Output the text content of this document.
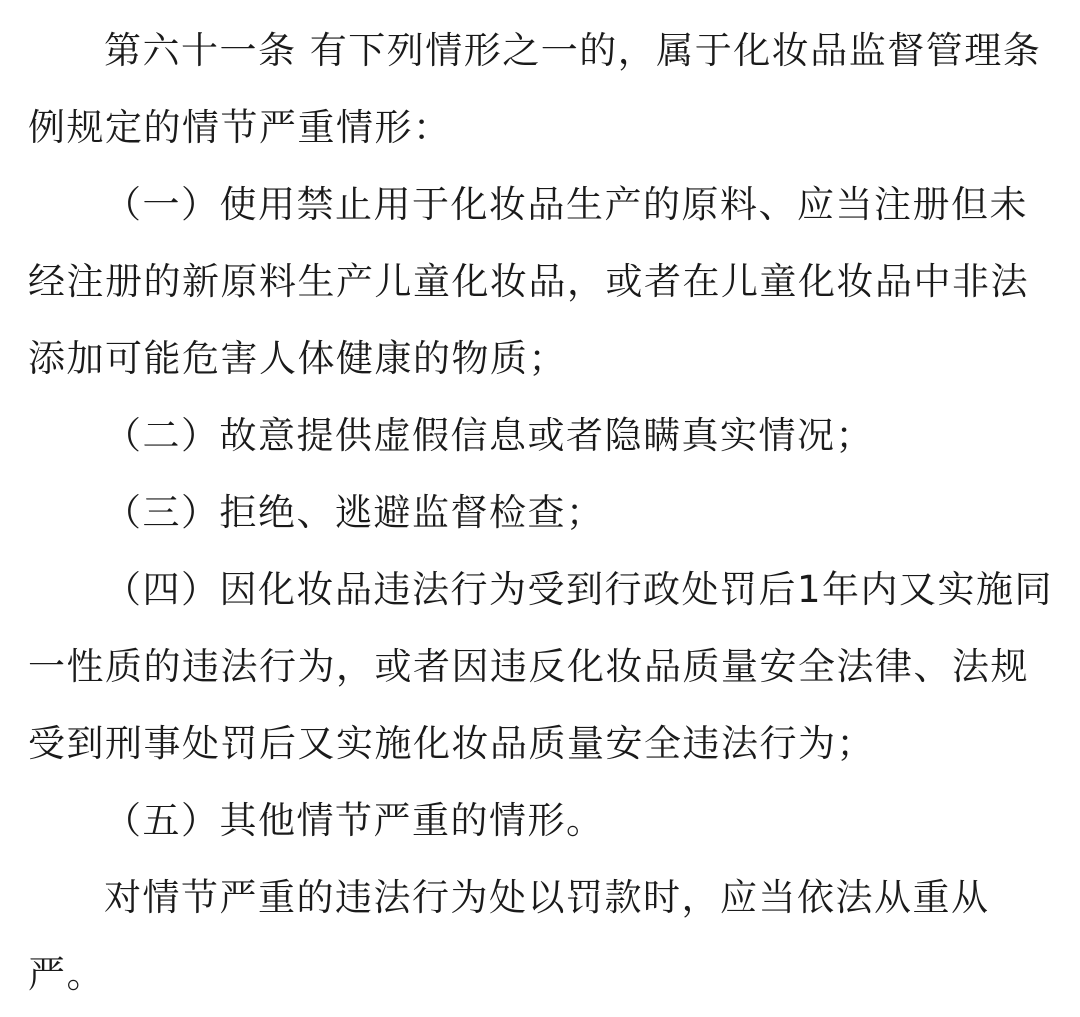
第六十一条 有下列情形之一的，属于化妆品监督管理条
例规定的情节严重情形：
（一）使用禁止用于化妆品生产的原料、应当注册但未
经注册的新原料生产儿童化妆品，或者在儿童化妆品中非法
添加可能危害人体健康的物质；
（二）故意提供虚假信息或者隐瞒真实情况；
（三）拒绝、逃避监督检查；
（四）因化妆品违法行为受到行政处罚后1年内又实施同
一性质的违法行为，或者因违反化妆品质量安全法律、法规
受到刑事处罚后又实施化妆品质量安全违法行为；
（五）其他情节严重的情形。
对情节严重的违法行为处以罚款时，应当依法从重从
严。
